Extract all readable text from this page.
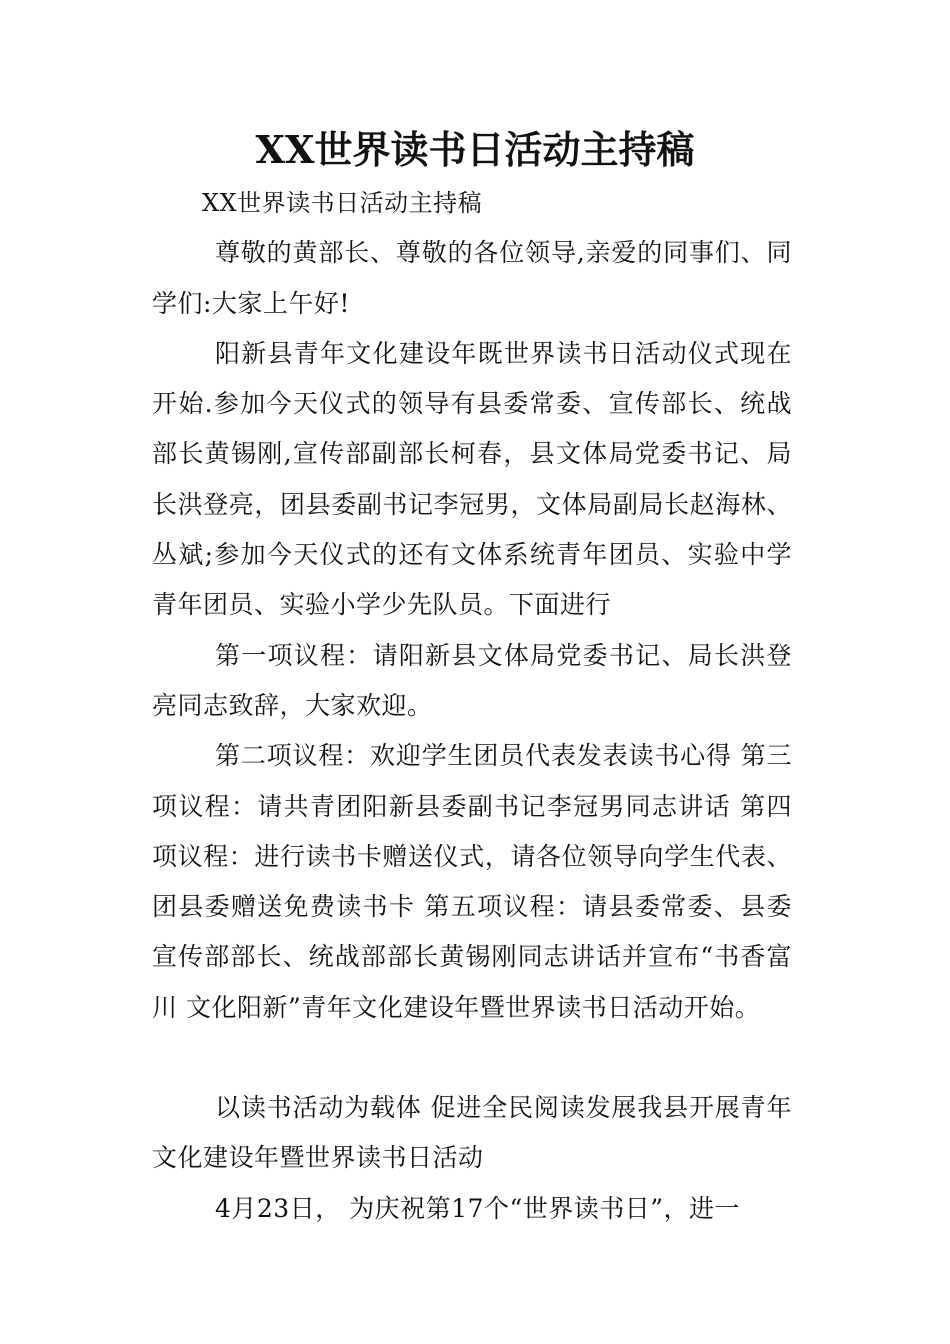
XX世界读书日活动主持稿

XX世界读书日活动主持稿

尊敬的黄部长、尊敬的各位领导,亲爱的同事们、同学们:大家上午好!

阳新县青年文化建设年既世界读书日活动仪式现在开始.参加今天仪式的领导有县委常委、宣传部长、统战部长黄锡刚,宣传部副部长柯春，县文体局党委书记、局长洪登亮，团县委副书记李冠男，文体局副局长赵海林、丛斌;参加今天仪式的还有文体系统青年团员、实验中学青年团员、实验小学少先队员。下面进行

第一项议程：请阳新县文体局党委书记、局长洪登亮同志致辞，大家欢迎。

第二项议程：欢迎学生团员代表发表读书心得 第三项议程：请共青团阳新县委副书记李冠男同志讲话 第四项议程：进行读书卡赠送仪式，请各位领导向学生代表、团县委赠送免费读书卡 第五项议程：请县委常委、县委宣传部部长、统战部部长黄锡刚同志讲话并宣布“书香富川 文化阳新”青年文化建设年暨世界读书日活动开始。

以读书活动为载体 促进全民阅读发展我县开展青年文化建设年暨世界读书日活动

4月23日， 为庆祝第17个“世界读书日”，进一
